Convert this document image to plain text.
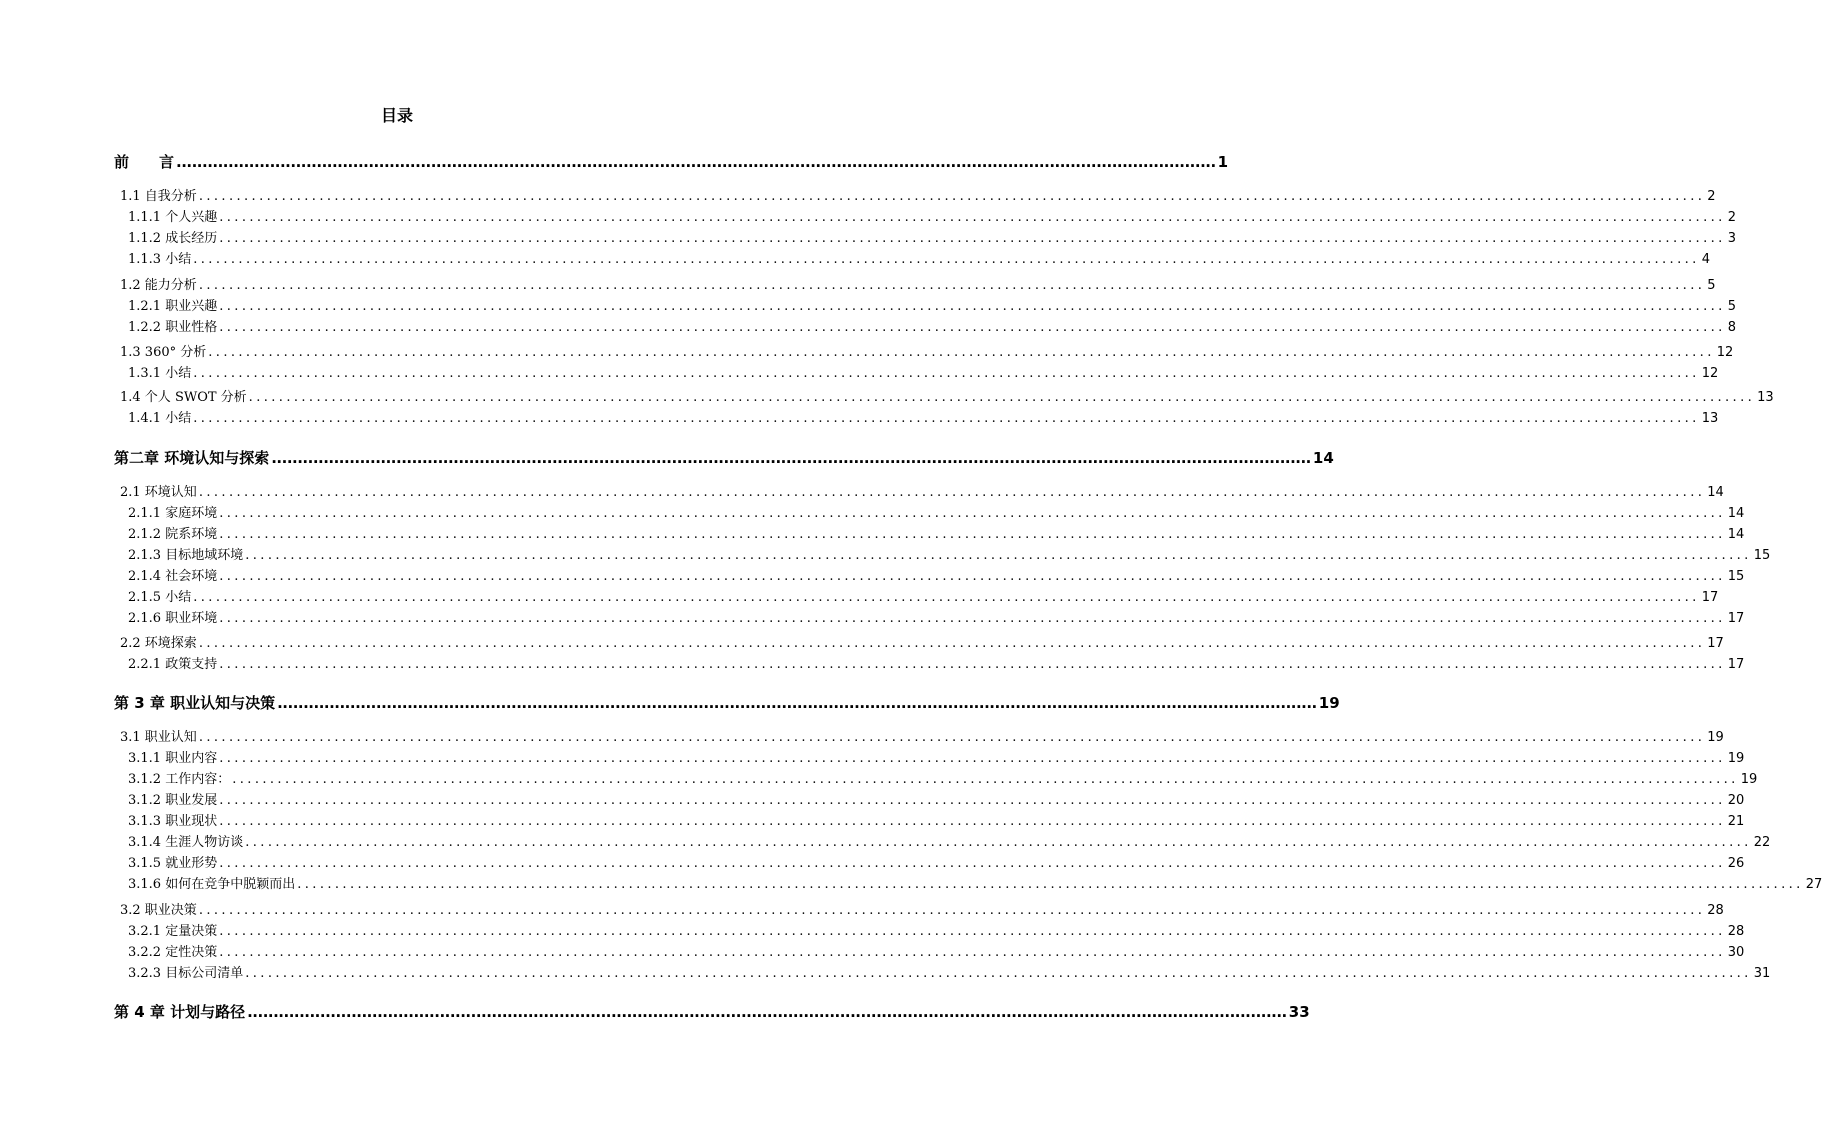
目录
前　　言 ........................................................................................................................................................................................................ 1
1.1 自我分析 ........................................................................................................................................................................................................ 2
1.1.1 个人兴趣 ........................................................................................................................................................................................................ 2
1.1.2 成长经历 ........................................................................................................................................................................................................ 3
1.1.3 小结 ........................................................................................................................................................................................................ 4
1.2 能力分析 ........................................................................................................................................................................................................ 5
1.2.1 职业兴趣 ........................................................................................................................................................................................................ 5
1.2.2 职业性格 ........................................................................................................................................................................................................ 8
1.3 360° 分析 ........................................................................................................................................................................................................ 12
1.3.1 小结 ........................................................................................................................................................................................................ 12
1.4 个人 SWOT 分析 ........................................................................................................................................................................................................ 13
1.4.1 小结 ........................................................................................................................................................................................................ 13
第二章 环境认知与探索 ........................................................................................................................................................................................................ 14
2.1 环境认知 ........................................................................................................................................................................................................ 14
2.1.1 家庭环境 ........................................................................................................................................................................................................ 14
2.1.2 院系环境 ........................................................................................................................................................................................................ 14
2.1.3 目标地域环境 ........................................................................................................................................................................................................ 15
2.1.4 社会环境 ........................................................................................................................................................................................................ 15
2.1.5 小结 ........................................................................................................................................................................................................ 17
2.1.6 职业环境 ........................................................................................................................................................................................................ 17
2.2 环境探索 ........................................................................................................................................................................................................ 17
2.2.1 政策支持 ........................................................................................................................................................................................................ 17
第 3 章 职业认知与决策 ........................................................................................................................................................................................................ 19
3.1 职业认知 ........................................................................................................................................................................................................ 19
3.1.1 职业内容 ........................................................................................................................................................................................................ 19
3.1.2 工作内容： ........................................................................................................................................................................................................ 19
3.1.2 职业发展 ........................................................................................................................................................................................................ 20
3.1.3 职业现状 ........................................................................................................................................................................................................ 21
3.1.4 生涯人物访谈 ........................................................................................................................................................................................................ 22
3.1.5 就业形势 ........................................................................................................................................................................................................ 26
3.1.6 如何在竞争中脱颖而出 ........................................................................................................................................................................................................ 27
3.2 职业决策 ........................................................................................................................................................................................................ 28
3.2.1 定量决策 ........................................................................................................................................................................................................ 28
3.2.2 定性决策 ........................................................................................................................................................................................................ 30
3.2.3 目标公司清单 ........................................................................................................................................................................................................ 31
第 4 章 计划与路径 ........................................................................................................................................................................................................ 33
